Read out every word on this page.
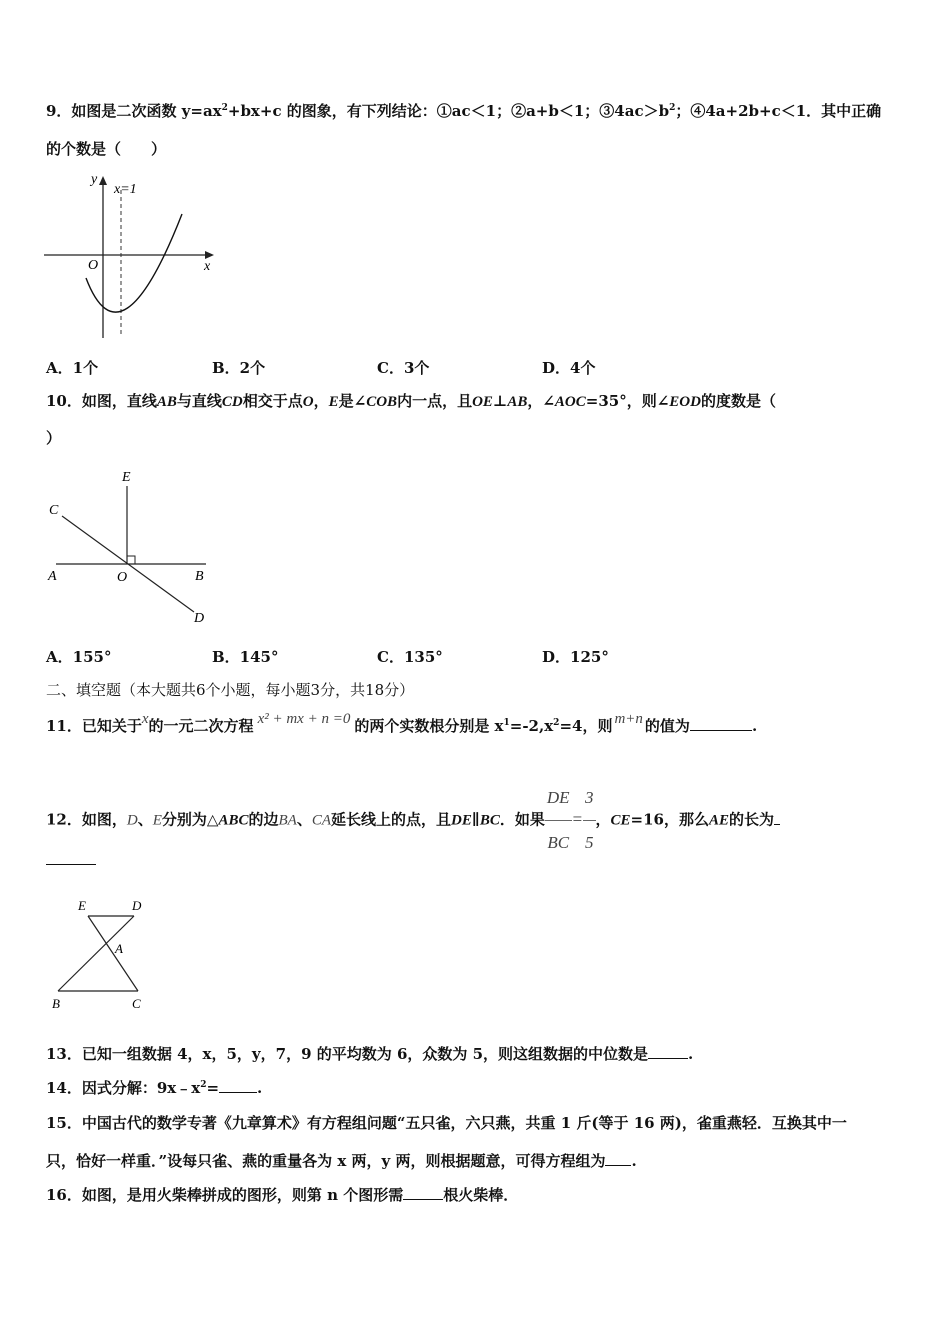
9．如图是二次函数 $y=ax^2+bx+c$ 的图象，有下列结论：①ac＜1；②a+b＜1；$③4ac>b^2$；④4a+2b+c＜1．其中正确
的个数是（　　）
y
x
O
x=1
A．1个	B．2个	C．3个	D．4个
10．如图，直线AB与直线CD相交于点O，E是∠COB内一点，且OE⊥AB，∠AOC=35°，则∠EOD的度数是（
）
E
C
A	O	B
D
A．155°	B．145°	C．135°	D．125°
二、填空题（本大题共6个小题，每小题3分，共18分）
11．已知关于x的一元二次方程 x² + mx + n =0 的两个实数根分别是 $x^1=-2,x^2=4$，则 m+n 的值为	.
12．如图，D、E分别为△ABC的边BA、CA延长线上的点，且DE∥BC．如果 $\frac{DE}{BC} = \frac{3}{5}$ ，CE=16，那么AE的长为
E	D
A
B	C
13．已知一组数据 4，x，5，y，7，9 的平均数为 6，众数为 5，则这组数据的中位数是	.
14．因式分解：$9x﹣x^2=$	.
15．中国古代的数学专著《九章算术》有方程组问题“五只雀，六只燕，共重 1 斤(等于 16 两)，雀重燕轻．互换其中一
只，恰好一样重．”设每只雀、燕的重量各为 x 两，y 两，则根据题意，可得方程组为 .
16．如图，是用火柴棒拼成的图形，则第 n 个图形需	根火柴棒．
